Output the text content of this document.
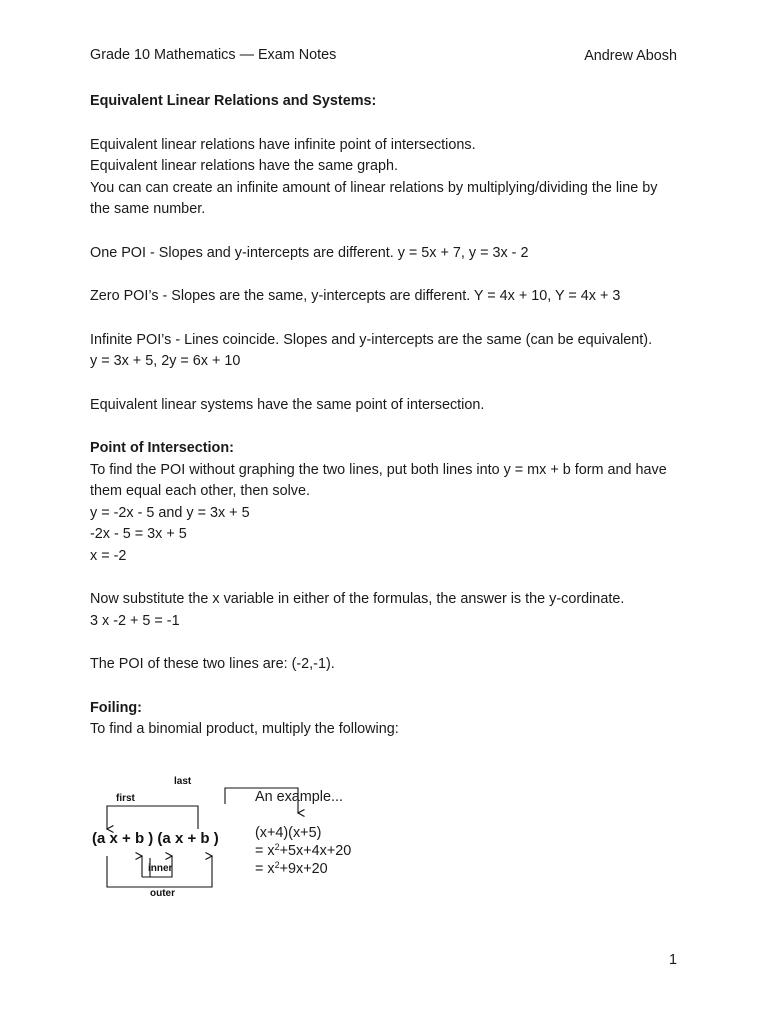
Grade 10 Mathematics — Exam Notes	Andrew Abosh

Equivalent Linear Relations and Systems:

Equivalent linear relations have infinite point of intersections.

Equivalent linear relations have the same graph.

You can can create an infinite amount of linear relations by multiplying/dividing the line by the same number.

One POI - Slopes and y-intercepts are different. y = 5x + 7, y = 3x - 2

Zero POI’s - Slopes are the same, y-intercepts are different. Y = 4x + 10, Y = 4x + 3

Infinite POI’s - Lines coincide. Slopes and y-intercepts are the same (can be equivalent).

y = 3x + 5, 2y = 6x + 10

Equivalent linear systems have the same point of intersection.

Point of Intersection:

To find the POI without graphing the two lines, put both lines into y = mx + b form and have them equal each other, then solve.

y = -2x - 5 and y = 3x + 5

-2x - 5 = 3x + 5

x = -2

Now substitute the x variable in either of the formulas, the answer is the y-cordinate.

3 x -2 + 5 = -1

The POI of these two lines are: (-2,-1).

Foiling:

To find a binomial product, multiply the following:

last
first
(a x + b ) (a x + b )
inner
outer
An example...
(x+4)(x+5)
= $x^2+5x+4x+20$
= $x^2+9x+20$
1
